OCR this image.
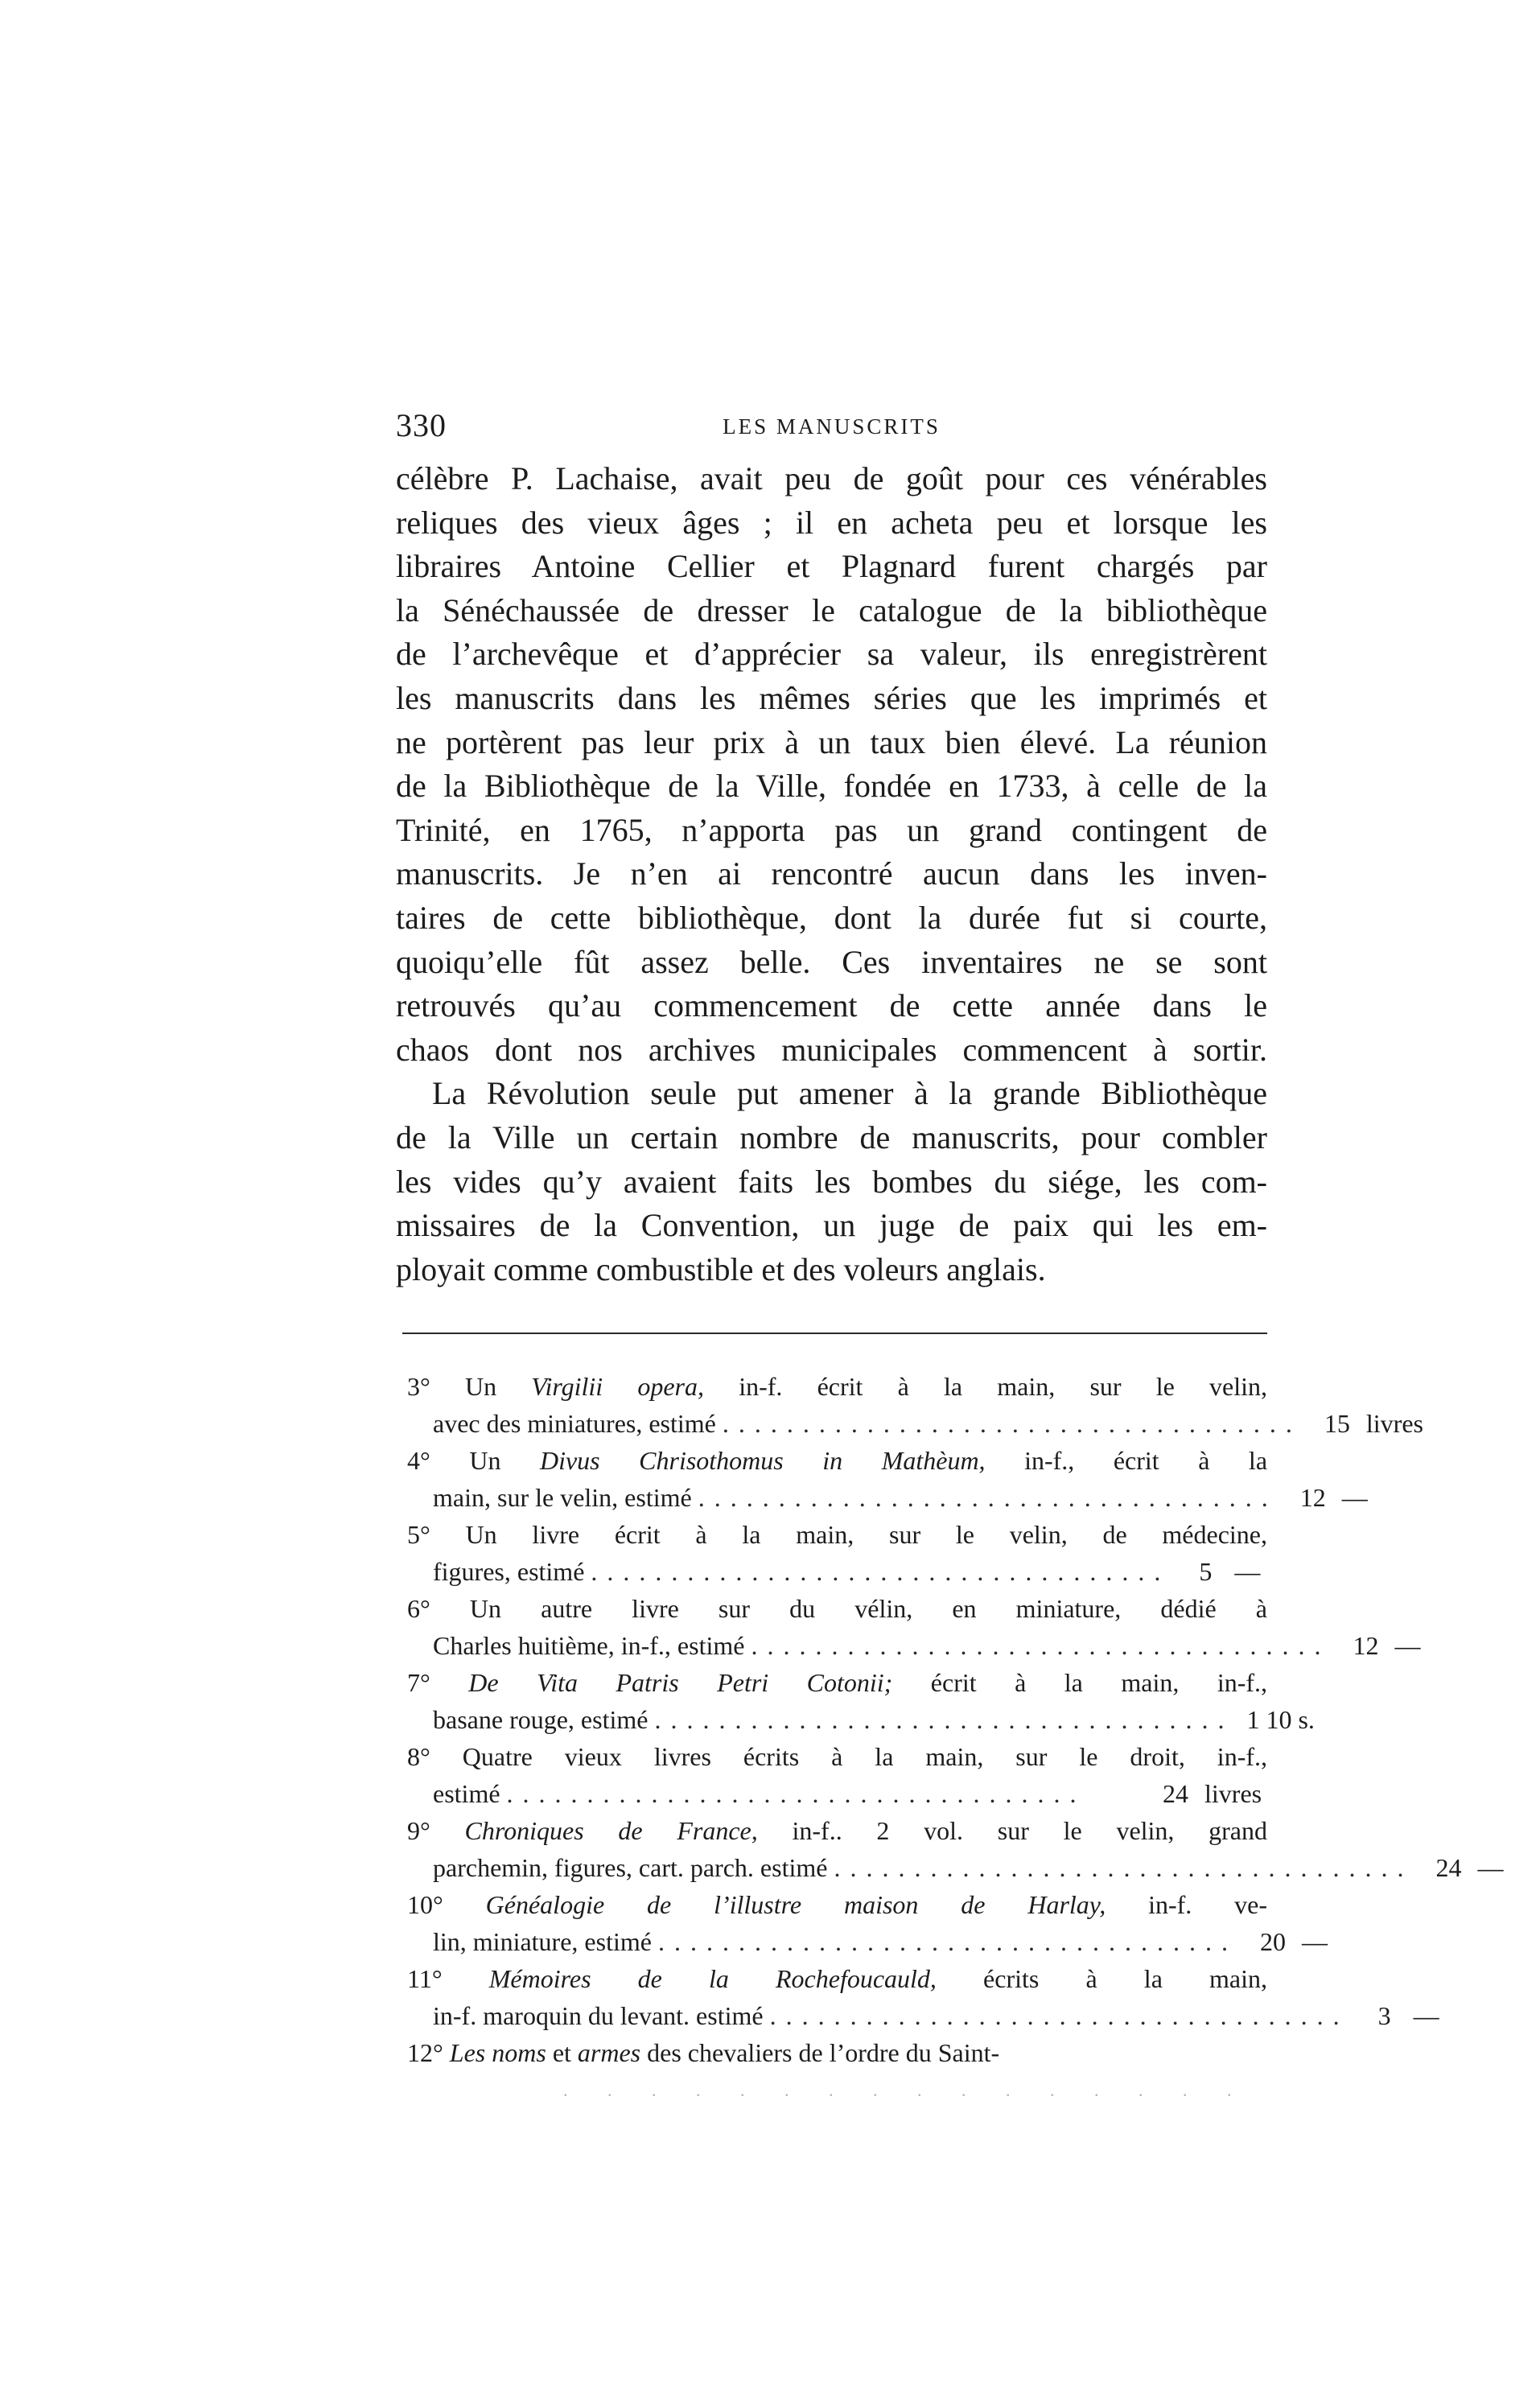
330	LES MANUSCRITS
célèbre P. Lachaise, avait peu de goût pour ces vénérables
reliques des vieux âges ; il en acheta peu et lorsque les
libraires Antoine Cellier et Plagnard furent chargés par
la Sénéchaussée de dresser le catalogue de la bibliothèque
de l’archevêque et d’apprécier sa valeur, ils enregistrèrent
les manuscrits dans les mêmes séries que les imprimés et
ne portèrent pas leur prix à un taux bien élevé. La réunion
de la Bibliothèque de la Ville, fondée en 1733, à celle de la
Trinité, en 1765, n’apporta pas un grand contingent de
manuscrits. Je n’en ai rencontré aucun dans les inven-
taires de cette bibliothèque, dont la durée fut si courte,
quoiqu’elle fût assez belle. Ces inventaires ne se sont
retrouvés qu’au commencement de cette année dans le
chaos dont nos archives municipales commencent à sortir.
La Révolution seule put amener à la grande Bibliothèque
de la Ville un certain nombre de manuscrits, pour combler
les vides qu’y avaient faits les bombes du siége, les com-
missaires de la Convention, un juge de paix qui les em-
ployait comme combustible et des voleurs anglais.
3° Un Virgilii opera, in-f. écrit à la main, sur le velin,
avec des miniatures, estimé .................................... 15 livres
4° Un Divus Chrisothomus in Mathèum, in-f., écrit à la
main, sur le velin, estimé .................................... 12 —
5° Un livre écrit à la main, sur le velin, de médecine,
figures, estimé ....................................	5 —
6° Un autre livre sur du vélin, en miniature, dédié à
Charles huitième, in-f., estimé .................................... 12 —
7° De Vita Patris Petri Cotonii; écrit à la main, in-f.,
basane rouge, estimé .................................... 1 10 s.
8° Quatre vieux livres écrits à la main, sur le droit, in-f.,
estimé ....................................	24 livres
9° Chroniques de France, in-f.. 2 vol. sur le velin, grand
parchemin, figures, cart. parch. estimé .................................... 24 —
10° Généalogie de l’illustre maison de Harlay, in-f. ve-
lin, miniature, estimé .................................... 20 —
11° Mémoires de la Rochefoucauld, écrits à la main,
in-f. maroquin du levant. estimé ....................................	3 —
12° Les noms et armes des chevaliers de l’ordre du Saint-
. . . . . . . . . . . . . . . .
